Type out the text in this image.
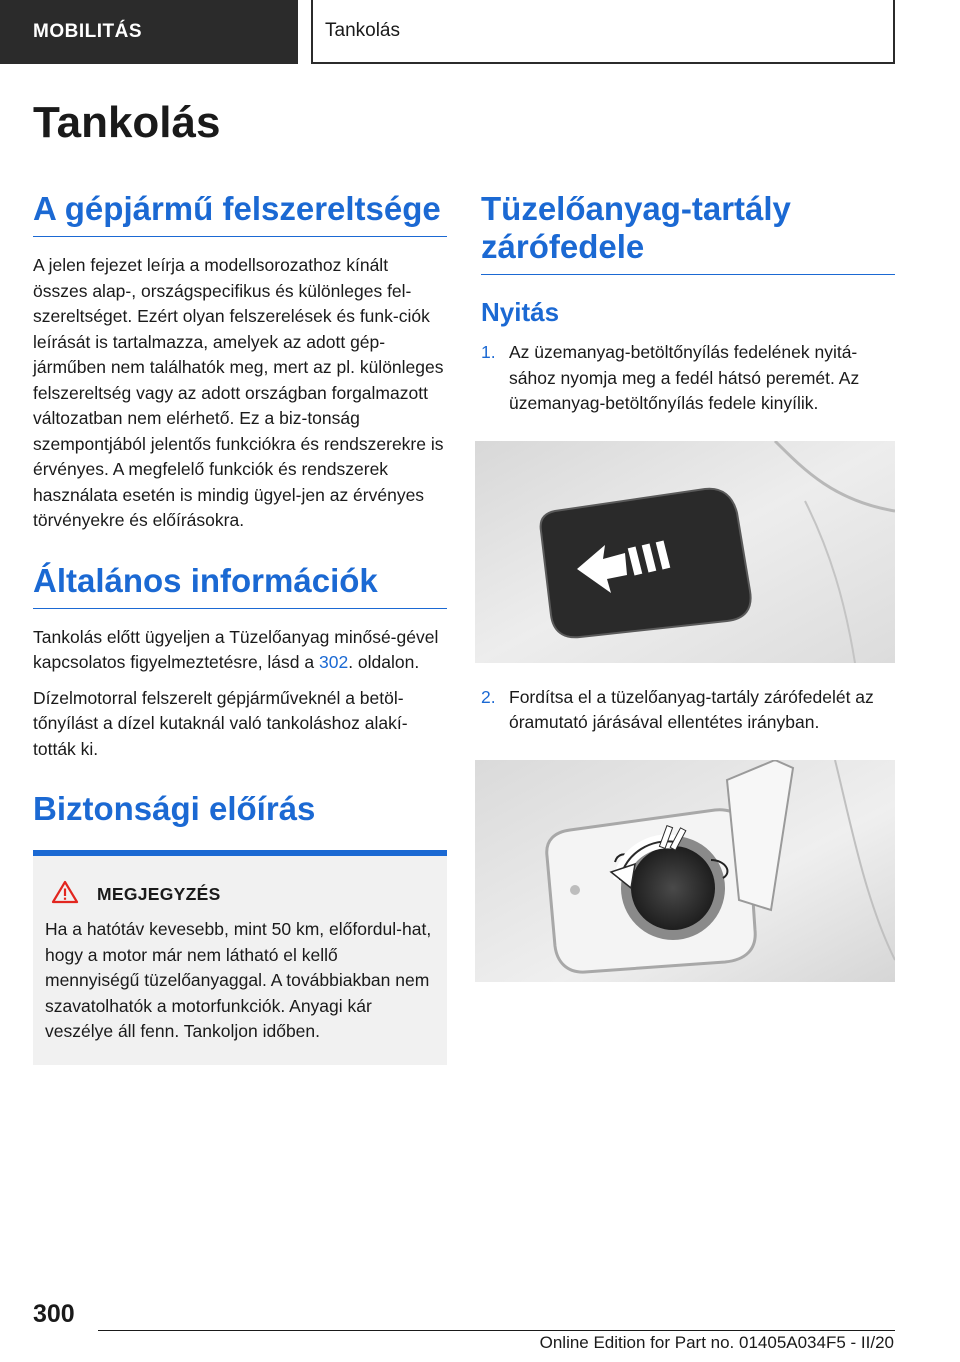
MOBILITÁS	Tankolás
Tankolás
A gépjármű felszereltsége

A jelen fejezet leírja a modellsorozathoz kínált összes alap-, országspecifikus és különleges fel-szereltséget. Ezért olyan felszerelések és funk-ciók leírását is tartalmazza, amelyek az adott gép-járműben nem találhatók meg, mert az pl. különleges felszereltség vagy az adott országban forgalmazott változatban nem elérhető. Ez a biz-tonság szempontjából jelentős funkciókra és rendszerekre is érvényes. A megfelelő funkciók és rendszerek használata esetén is mindig ügyel-jen az érvényes törvényekre és előírásokra.

Általános információk

Tankolás előtt ügyeljen a Tüzelőanyag minősé-gével kapcsolatos figyelmeztetésre, lásd a 302. oldalon.

Dízelmotorral felszerelt gépjárműveknél a betöl-tőnyílást a dízel kutaknál való tankoláshoz alakí-tották ki.

Biztonsági előírás
MEGJEGYZÉS

Ha a hatótáv kevesebb, mint 50 km, előfordul-hat, hogy a motor már nem látható el kellő mennyiségű tüzelőanyaggal. A továbbiakban nem szavatolhatók a motorfunkciók. Anyagi kár veszélye áll fenn. Tankoljon időben.

Tüzelőanyag-tartály zárófedele
Nyitás
1. Az üzemanyag-betöltőnyílás fedelének nyitá-sához nyomja meg a fedél hátsó peremét. Az üzemanyag-betöltőnyílás fedele kinyílik.
2. Fordítsa el a tüzelőanyag-tartály zárófedelét az óramutató járásával ellentétes irányban.
300
Online Edition for Part no. 01405A034F5 - II/20
